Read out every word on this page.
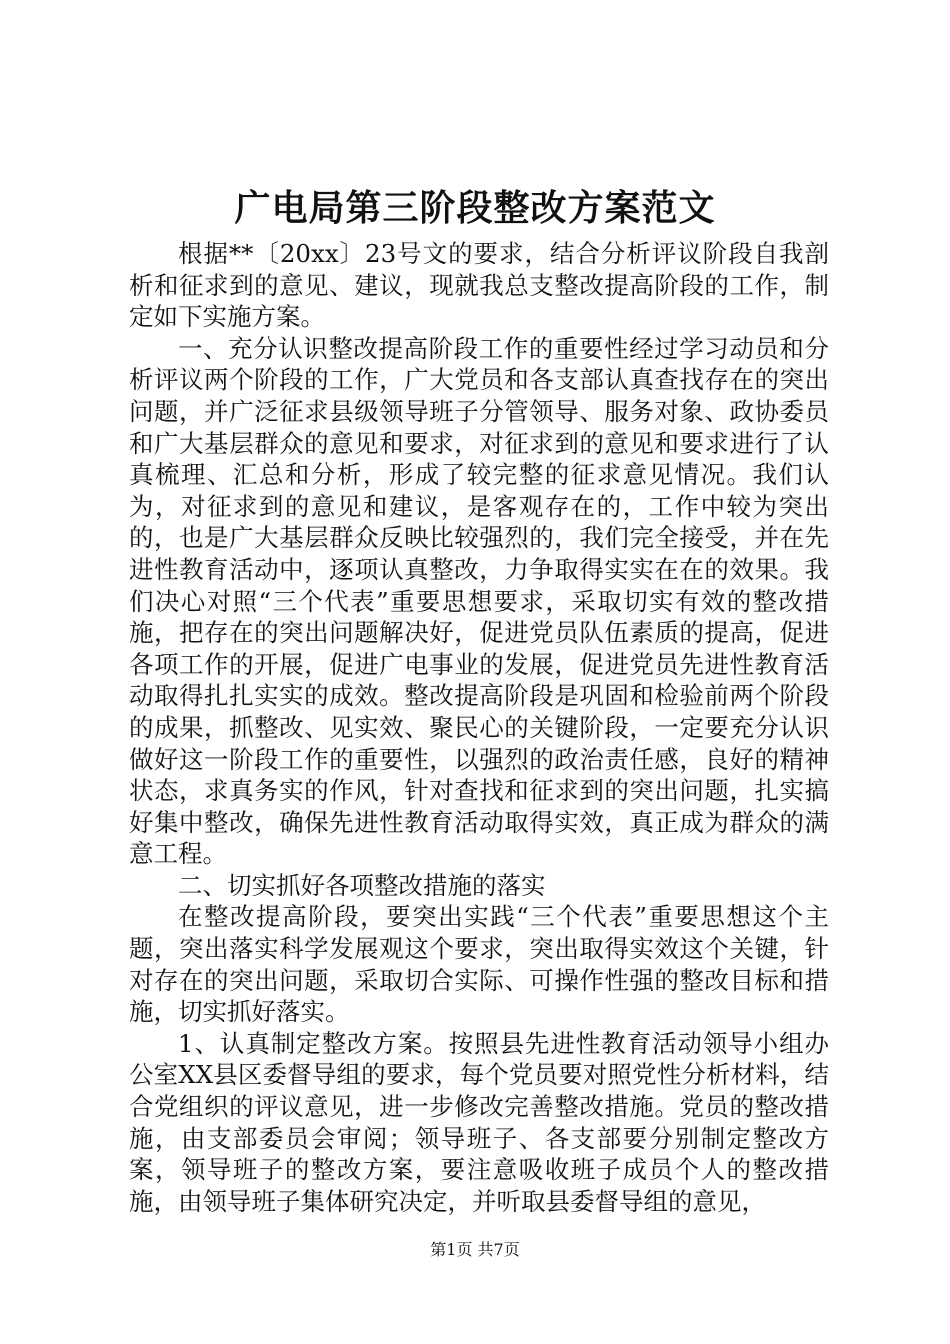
广电局第三阶段整改方案范文

根据**〔20xx〕23号文的要求，结合分析评议阶段自我剖析和征求到的意见、建议，现就我总支整改提高阶段的工作，制定如下实施方案。

一、充分认识整改提高阶段工作的重要性经过学习动员和分析评议两个阶段的工作，广大党员和各支部认真查找存在的突出问题，并广泛征求县级领导班子分管领导、服务对象、政协委员和广大基层群众的意见和要求，对征求到的意见和要求进行了认真梳理、汇总和分析，形成了较完整的征求意见情况。我们认为，对征求到的意见和建议，是客观存在的，工作中较为突出的，也是广大基层群众反映比较强烈的，我们完全接受，并在先进性教育活动中，逐项认真整改，力争取得实实在在的效果。我们决心对照“三个代表”重要思想要求，采取切实有效的整改措施，把存在的突出问题解决好，促进党员队伍素质的提高，促进各项工作的开展，促进广电事业的发展，促进党员先进性教育活动取得扎扎实实的成效。整改提高阶段是巩固和检验前两个阶段的成果，抓整改、见实效、聚民心的关键阶段，一定要充分认识做好这一阶段工作的重要性，以强烈的政治责任感，良好的精神状态，求真务实的作风，针对查找和征求到的突出问题，扎实搞好集中整改，确保先进性教育活动取得实效，真正成为群众的满意工程。

二、切实抓好各项整改措施的落实

在整改提高阶段，要突出实践“三个代表”重要思想这个主题，突出落实科学发展观这个要求，突出取得实效这个关键，针对存在的突出问题，采取切合实际、可操作性强的整改目标和措施，切实抓好落实。

1、认真制定整改方案。按照县先进性教育活动领导小组办公室XX县区委督导组的要求，每个党员要对照党性分析材料，结合党组织的评议意见，进一步修改完善整改措施。党员的整改措施，由支部委员会审阅；领导班子、各支部要分别制定整改方案，领导班子的整改方案，要注意吸收班子成员个人的整改措施，由领导班子集体研究决定，并听取县委督导组的意见，

第1页 共7页
